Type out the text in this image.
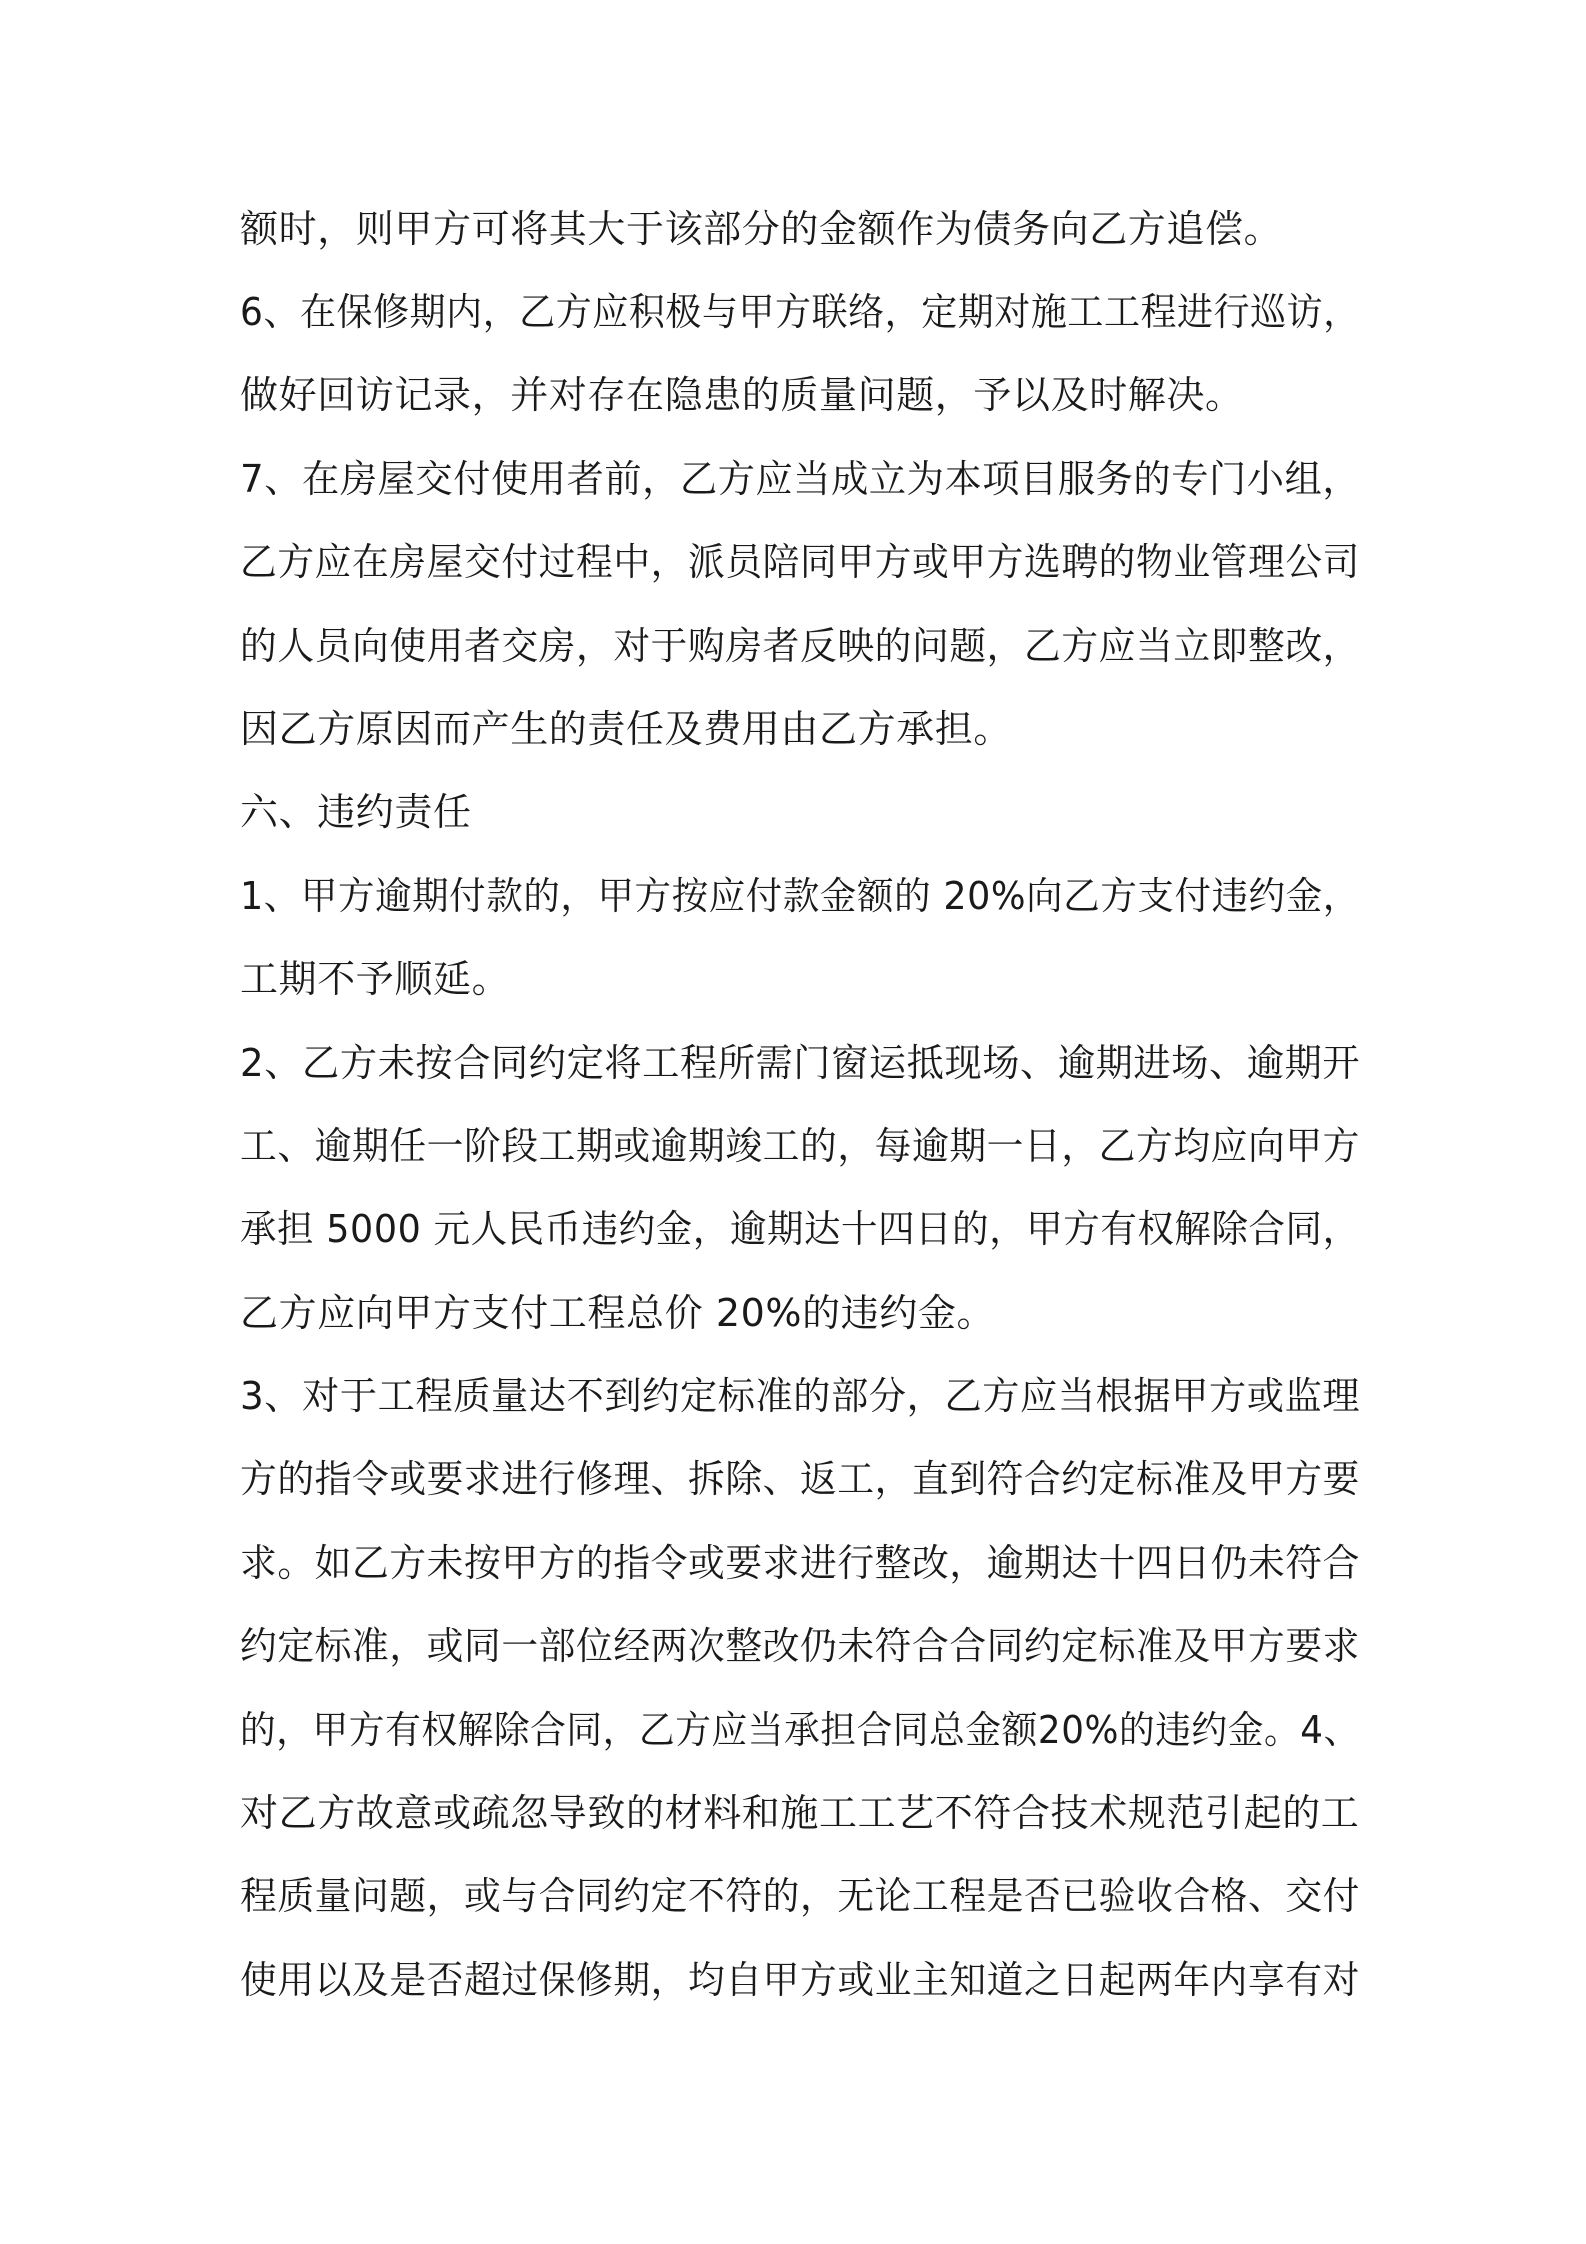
额时，则甲方可将其大于该部分的金额作为债务向乙方追偿。
6、在保修期内，乙方应积极与甲方联络，定期对施工工程进行巡访，
做好回访记录，并对存在隐患的质量问题，予以及时解决。
7、在房屋交付使用者前，乙方应当成立为本项目服务的专门小组，
乙方应在房屋交付过程中，派员陪同甲方或甲方选聘的物业管理公司
的人员向使用者交房，对于购房者反映的问题，乙方应当立即整改，
因乙方原因而产生的责任及费用由乙方承担。
六、违约责任
1、甲方逾期付款的，甲方按应付款金额的 20%向乙方支付违约金，
工期不予顺延。
2、乙方未按合同约定将工程所需门窗运抵现场、逾期进场、逾期开
工、逾期任一阶段工期或逾期竣工的，每逾期一日，乙方均应向甲方
承担 5000 元人民币违约金，逾期达十四日的，甲方有权解除合同，
乙方应向甲方支付工程总价 20%的违约金。
3、对于工程质量达不到约定标准的部分，乙方应当根据甲方或监理
方的指令或要求进行修理、拆除、返工，直到符合约定标准及甲方要
求。如乙方未按甲方的指令或要求进行整改，逾期达十四日仍未符合
约定标准，或同一部位经两次整改仍未符合合同约定标准及甲方要求
的，甲方有权解除合同，乙方应当承担合同总金额20%的违约金。4、
对乙方故意或疏忽导致的材料和施工工艺不符合技术规范引起的工
程质量问题，或与合同约定不符的，无论工程是否已验收合格、交付
使用以及是否超过保修期，均自甲方或业主知道之日起两年内享有对
